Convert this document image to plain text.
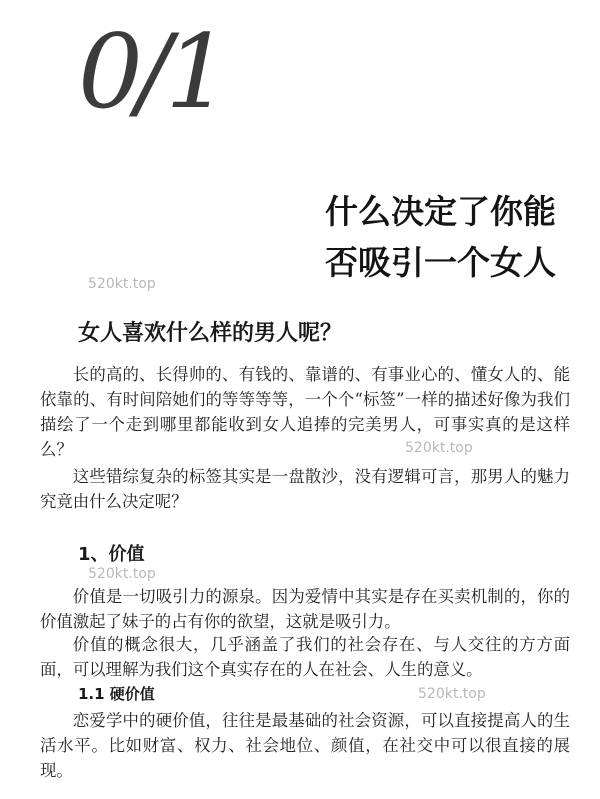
0/1
什么决定了你能
否吸引一个女人
520kt.top
女人喜欢什么样的男人呢？

长的高的、长得帅的、有钱的、靠谱的、有事业心的、懂女人的、能依靠的、有时间陪她们的等等等等，一个个“标签”一样的描述好像为我们描绘了一个走到哪里都能收到女人追捧的完美男人，可事实真的是这样么？	520kt.top

这些错综复杂的标签其实是一盘散沙，没有逻辑可言，那男人的魅力究竟由什么决定呢？

1、价值
520kt.top

价值是一切吸引力的源泉。因为爱情中其实是存在买卖机制的，你的价值激起了妹子的占有你的欲望，这就是吸引力。

价值的概念很大，几乎涵盖了我们的社会存在、与人交往的方方面面，可以理解为我们这个真实存在的人在社会、人生的意义。

1.1 硬价值	520kt.top

恋爱学中的硬价值，往往是最基础的社会资源，可以直接提高人的生活水平。比如财富、权力、社会地位、颜值，在社交中可以很直接的展现。
